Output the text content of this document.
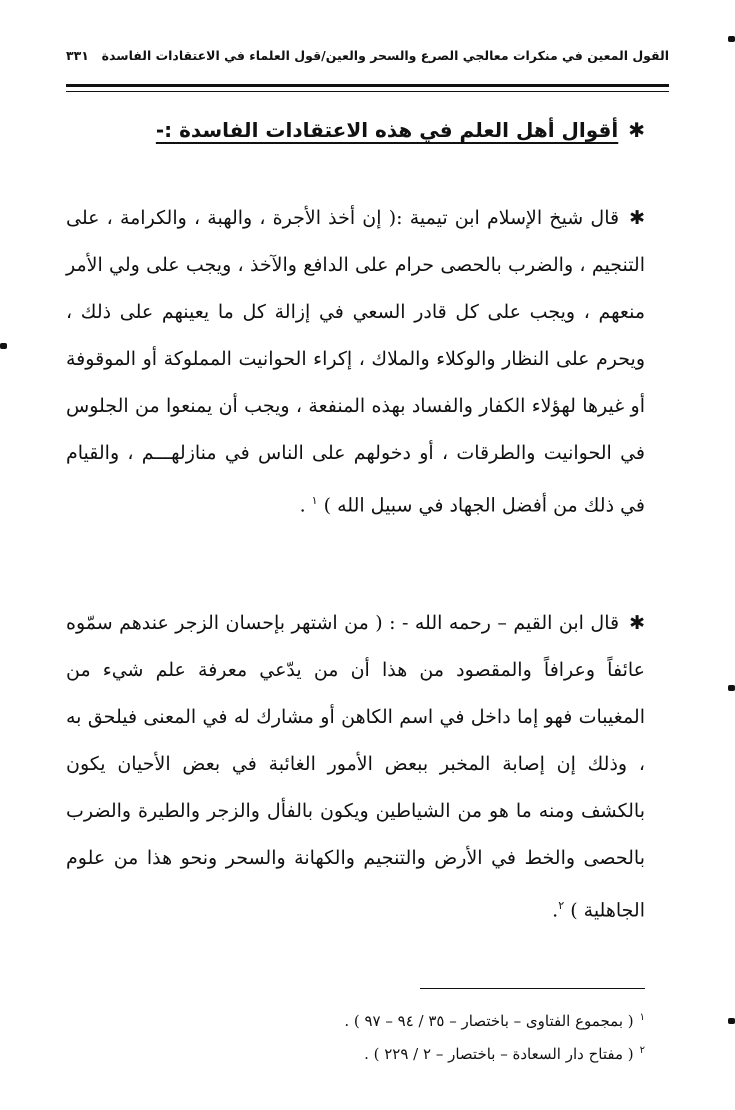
القول المعين في منكرات معالجي الصرع والسحر والعين/قول العلماء في الاعتقادات الفاسدة
٣٣١
✱أقوال أهل العلم في هذه الاعتقادات الفاسدة :-
✱قال شيخ الإسلام ابن تيمية :( إن أخذ الأجرة ، والهبة ، والكرامة ، على التنجيم ، والضرب بالحصى حرام على الدافع والآخذ ، ويجب على ولي الأمر منعهم ، ويجب على كل قادر السعي في إزالة كل ما يعينهم على ذلك ، ويحرم على النظار والوكلاء والملاك ، إكراء الحوانيت المملوكة أو الموقوفة أو غيرها لهؤلاء الكفار والفساد بهذه المنفعة ، ويجب أن يمنعوا من الجلوس في الحوانيت والطرقات ، أو دخولهم على الناس في منازلهـــم ، والقيام في ذلك من أفضل الجهاد في سبيل الله ) $^١$ .
✱قال ابن القيم – رحمه الله - : ( من اشتهر بإحسان الزجر عندهم سمّوه عائفاً وعرافاً والمقصود من هذا أن من يدّعي معرفة علم شيء من المغيبات فهو إما داخل في اسم الكاهن أو مشارك له في المعنى فيلحق به ، وذلك إن إصابة المخبر ببعض الأمور الغائبة في بعض الأحيان يكون بالكشف ومنه ما هو من الشياطين ويكون بالفأل والزجر والطيرة والضرب بالحصى والخط في الأرض والتنجيم والكهانة والسحر ونحو هذا من علوم الجاهلية ) $^٢$.
$^١$( بمجموع الفتاوى – باختصار – ٣٥ / ٩٤ – ٩٧ ) .
$^٢$( مفتاح دار السعادة – باختصار – ٢ / ٢٢٩ ) .
